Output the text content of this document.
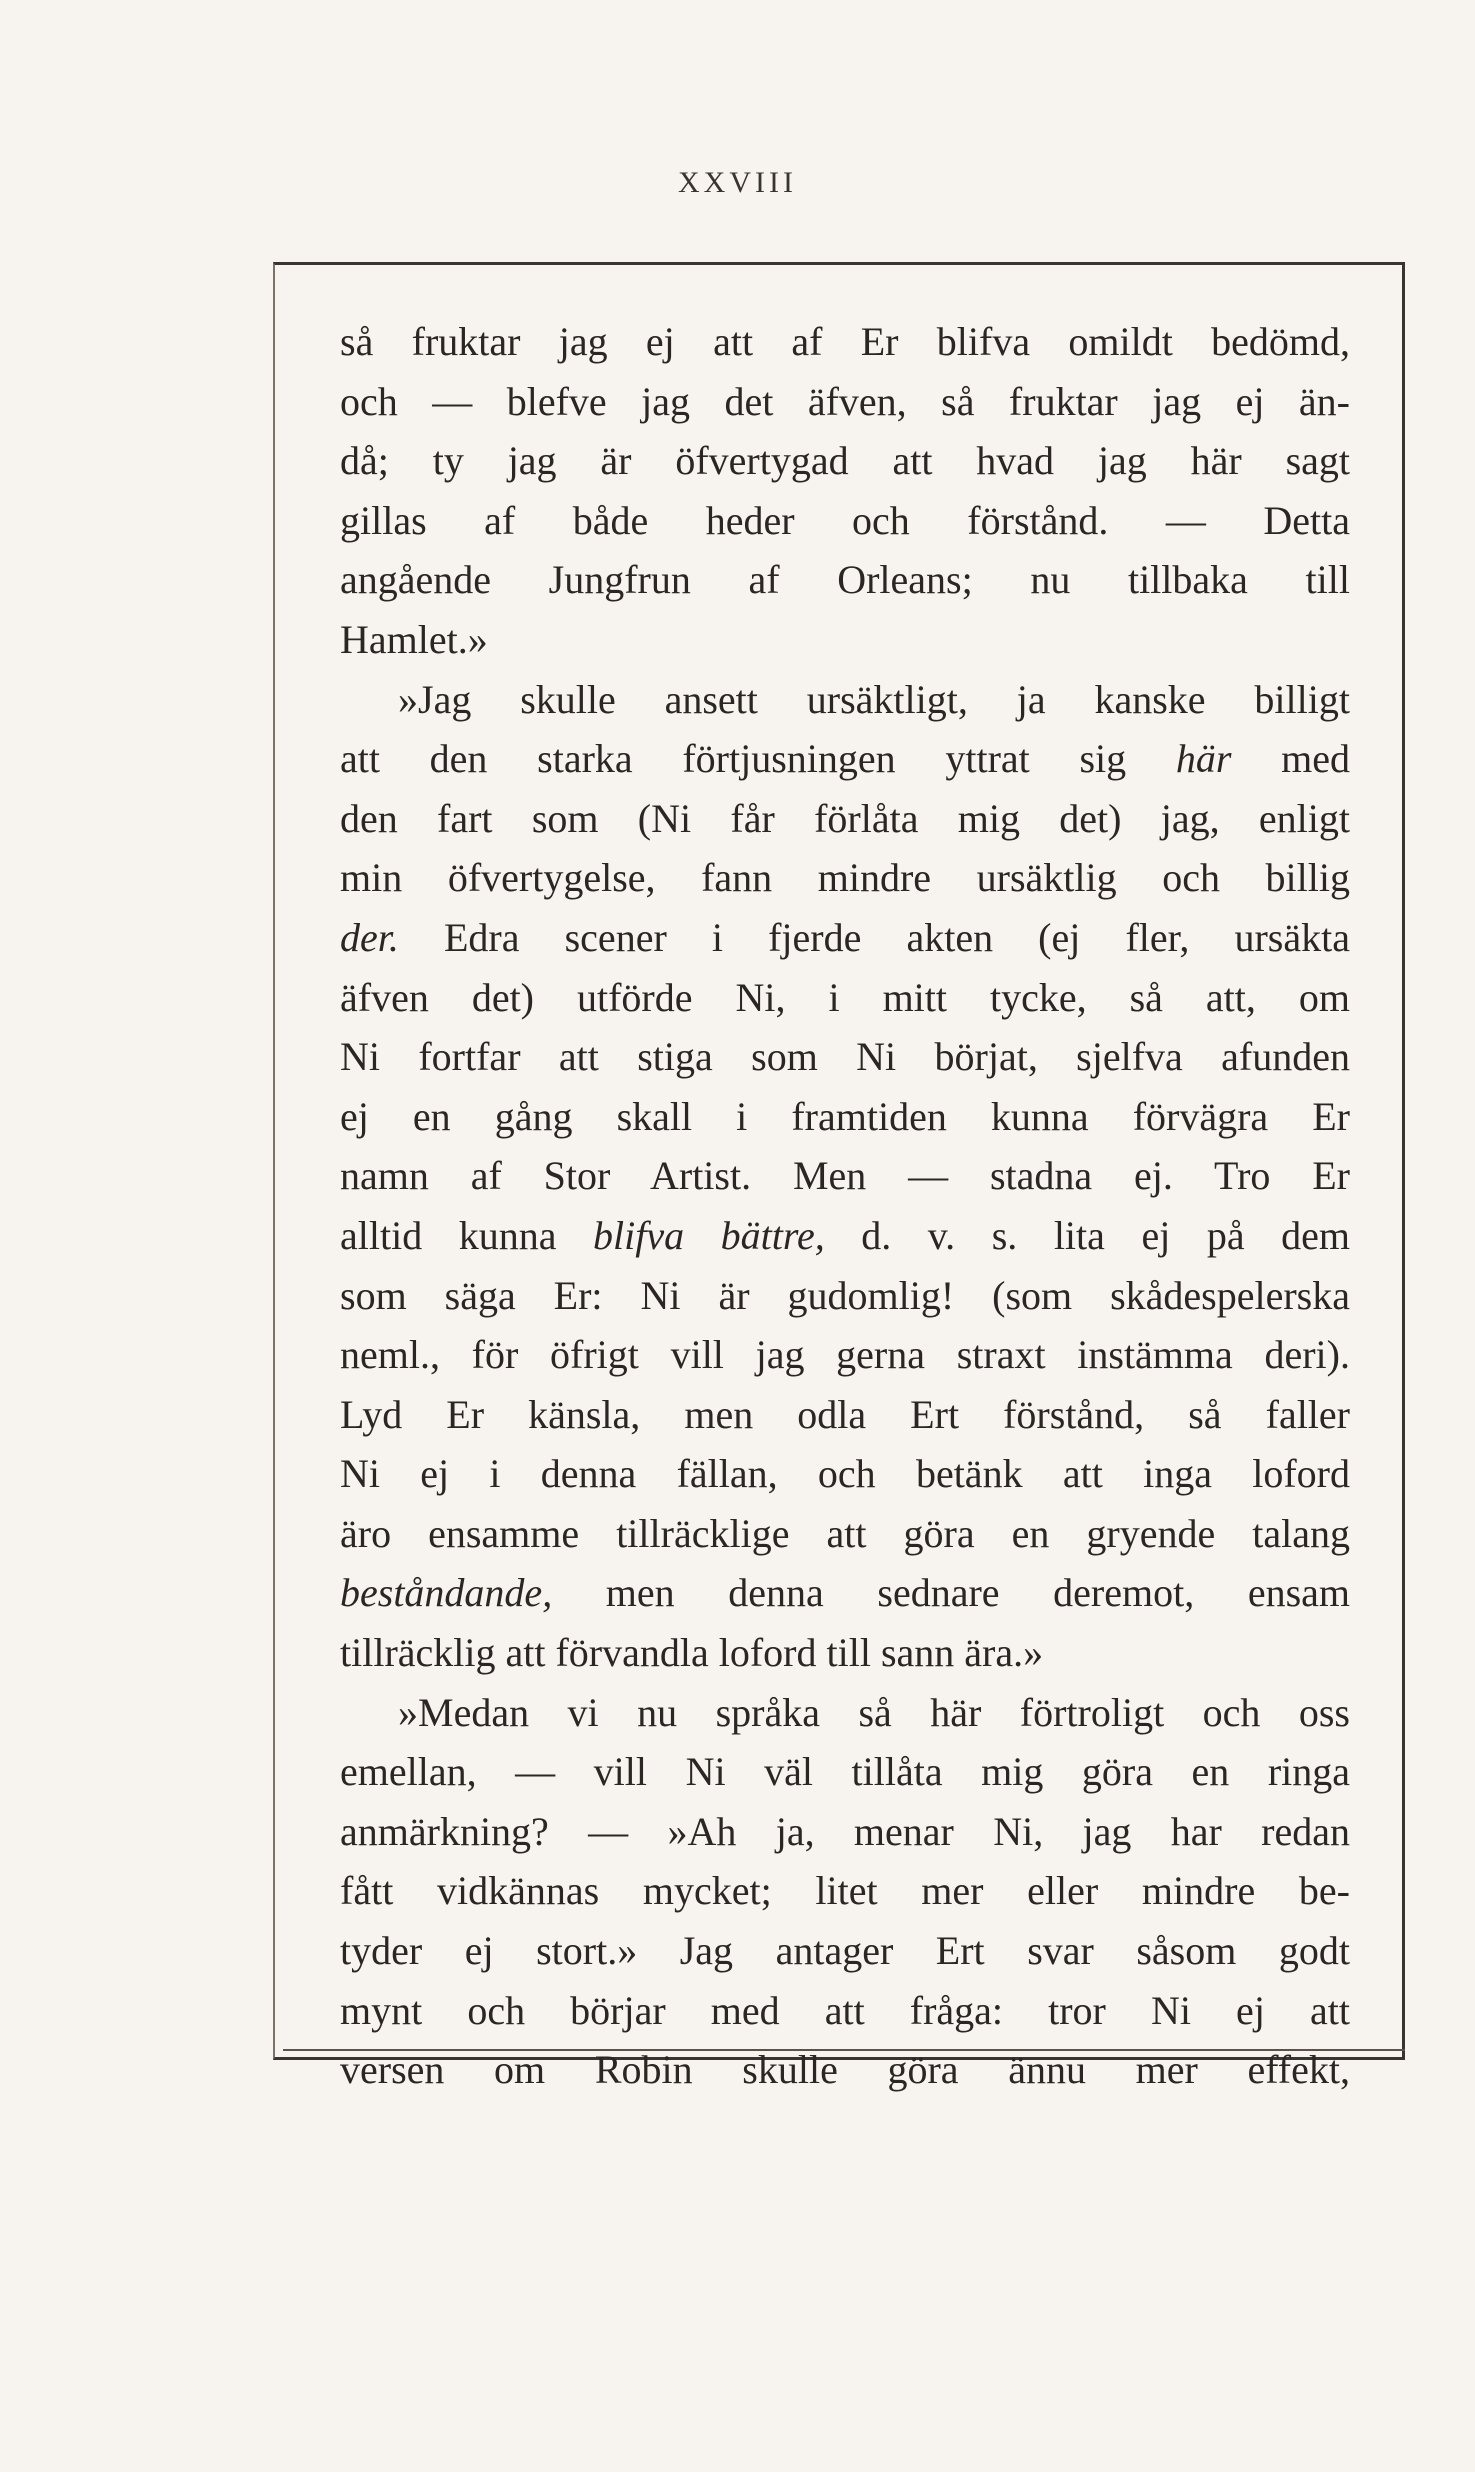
XXVIII
så fruktar jag ej att af Er blifva omildt bedömd,
och — blefve jag det äfven, så fruktar jag ej än-
då; ty jag är öfvertygad att hvad jag här sagt
gillas af både heder och förstånd. — Detta
angående Jungfrun af Orleans; nu tillbaka till
Hamlet.»
»Jag skulle ansett ursäktligt, ja kanske billigt
att den starka förtjusningen yttrat sig här med
den fart som (Ni får förlåta mig det) jag, enligt
min öfvertygelse, fann mindre ursäktlig och billig
der. Edra scener i fjerde akten (ej fler, ursäkta
äfven det) utförde Ni, i mitt tycke, så att, om
Ni fortfar att stiga som Ni börjat, sjelfva afunden
ej en gång skall i framtiden kunna förvägra Er
namn af Stor Artist. Men — stadna ej. Tro Er
alltid kunna blifva bättre, d. v. s. lita ej på dem
som säga Er: Ni är gudomlig! (som skådespelerska
neml., för öfrigt vill jag gerna straxt instämma deri).
Lyd Er känsla, men odla Ert förstånd, så faller
Ni ej i denna fällan, och betänk att inga loford
äro ensamme tillräcklige att göra en gryende talang
beståndande, men denna sednare deremot, ensam
tillräcklig att förvandla loford till sann ära.»
»Medan vi nu språka så här förtroligt och oss
emellan, — vill Ni väl tillåta mig göra en ringa
anmärkning? — »Ah ja, menar Ni, jag har redan
fått vidkännas mycket; litet mer eller mindre be-
tyder ej stort.» Jag antager Ert svar såsom godt
mynt och börjar med att fråga: tror Ni ej att
versen om Robin skulle göra ännu mer effekt,
